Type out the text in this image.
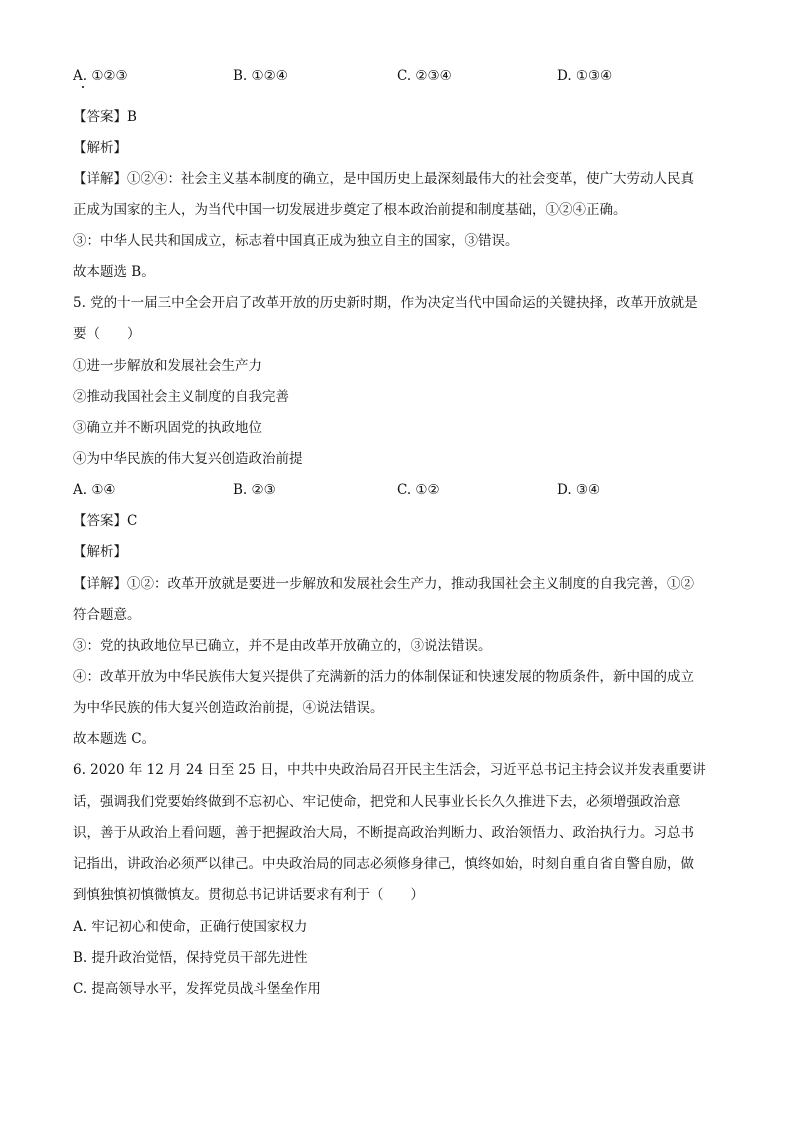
A. ①②③	B. ①②④	C. ②③④	D. ①③④
【答案】B
【解析】
【详解】①②④：社会主义基本制度的确立，是中国历史上最深刻最伟大的社会变革，使广大劳动人民真
正成为国家的主人，为当代中国一切发展进步奠定了根本政治前提和制度基础，①②④正确。
③：中华人民共和国成立，标志着中国真正成为独立自主的国家，③错误。
故本题选 B。
5. 党的十一届三中全会开启了改革开放的历史新时期，作为决定当代中国命运的关键抉择，改革开放就是
要（　　）
①进一步解放和发展社会生产力
②推动我国社会主义制度的自我完善
③确立并不断巩固党的执政地位
④为中华民族的伟大复兴创造政治前提
A. ①④	B. ②③	C. ①②	D. ③④
【答案】C
【解析】
【详解】①②：改革开放就是要进一步解放和发展社会生产力，推动我国社会主义制度的自我完善，①②
符合题意。
③：党的执政地位早已确立，并不是由改革开放确立的，③说法错误。
④：改革开放为中华民族伟大复兴提供了充满新的活力的体制保证和快速发展的物质条件，新中国的成立
为中华民族的伟大复兴创造政治前提，④说法错误。
故本题选 C。
6. 2020 年 12 月 24 日至 25 日，中共中央政治局召开民主生活会，习近平总书记主持会议并发表重要讲
话，强调我们党要始终做到不忘初心、牢记使命，把党和人民事业长长久久推进下去，必须增强政治意
识，善于从政治上看问题，善于把握政治大局，不断提高政治判断力、政治领悟力、政治执行力。习总书
记指出，讲政治必须严以律己。中央政治局的同志必须修身律己，慎终如始，时刻自重自省自警自励，做
到慎独慎初慎微慎友。贯彻总书记讲话要求有利于（　　）
A. 牢记初心和使命，正确行使国家权力
B. 提升政治觉悟，保持党员干部先进性
C. 提高领导水平，发挥党员战斗堡垒作用
